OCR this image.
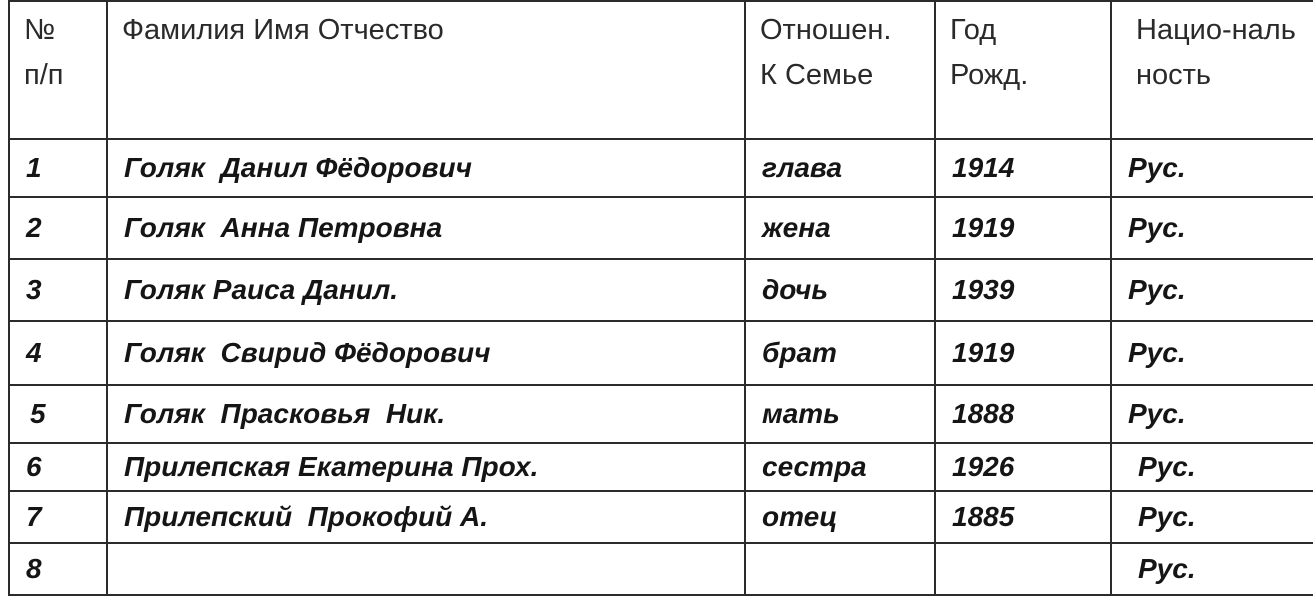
№ п/п	Фамилия Имя Отчество	Отношен. К Семье	Год Рожд.	Нацио-нальность

1	Голяк  Данил Фёдорович	глава	1914	Рус.
2	Голяк  Анна Петровна	жена	1919	Рус.
3	Голяк Раиса Данил.	дочь	1939	Рус.
4	Голяк  Свирид Фёдорович	брат	1919	Рус.
5	Голяк  Прасковья  Ник.	мать	1888	Рус.
6	Прилепская Екатерина Прох.	сестра	1926	Рус.
7	Прилепский  Прокофий А.	отец	1885	Рус.
8				Рус.
